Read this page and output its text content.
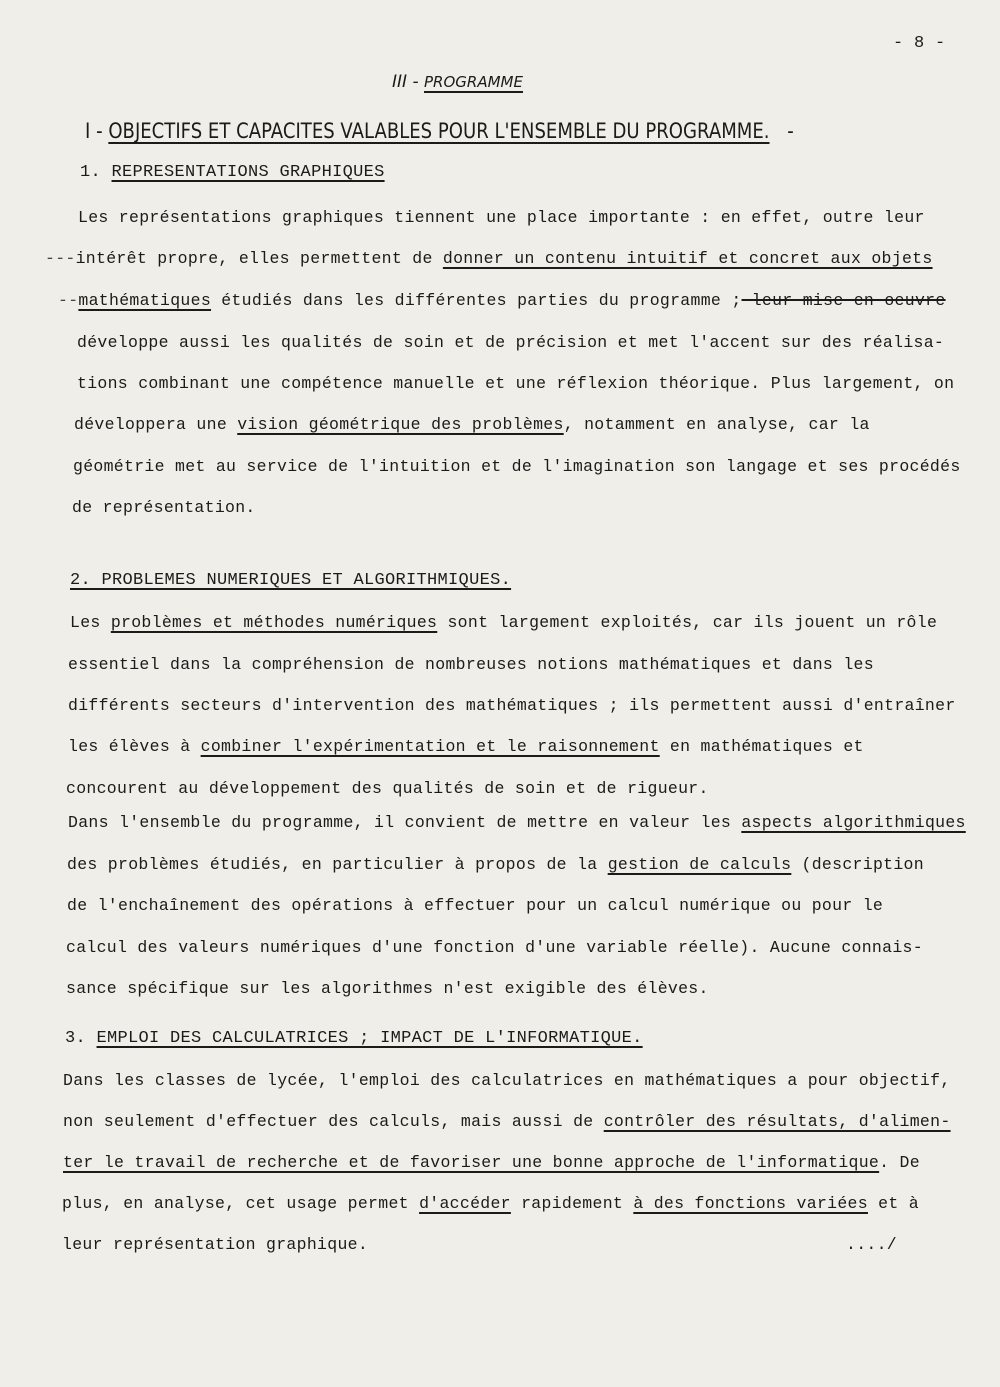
- 8 -
III - PROGRAMME
I - OBJECTIFS ET CAPACITES VALABLES POUR L'ENSEMBLE DU PROGRAMME. -
1. REPRESENTATIONS GRAPHIQUES
Les représentations graphiques tiennent une place importante : en effet, outre leur
---intérêt propre, elles permettent de donner un contenu intuitif et concret aux objets
--mathématiques étudiés dans les différentes parties du programme ; leur mise en oeuvre
développe aussi les qualités de soin et de précision et met l'accent sur des réalisa-
tions combinant une compétence manuelle et une réflexion théorique. Plus largement, on
développera une vision géométrique des problèmes, notamment en analyse, car la
géométrie met au service de l'intuition et de l'imagination son langage et ses procédés
de représentation.
2. PROBLEMES NUMERIQUES ET ALGORITHMIQUES.
Les problèmes et méthodes numériques sont largement exploités, car ils jouent un rôle
essentiel dans la compréhension de nombreuses notions mathématiques et dans les
différents secteurs d'intervention des mathématiques ; ils permettent aussi d'entraîner
les élèves à combiner l'expérimentation et le raisonnement en mathématiques et
concourent au développement des qualités de soin et de rigueur.
Dans l'ensemble du programme, il convient de mettre en valeur les aspects algorithmiques
des problèmes étudiés, en particulier à propos de la gestion de calculs (description
de l'enchaînement des opérations à effectuer pour un calcul numérique ou pour le
calcul des valeurs numériques d'une fonction d'une variable réelle). Aucune connais-
sance spécifique sur les algorithmes n'est exigible des élèves.
3. EMPLOI DES CALCULATRICES ; IMPACT DE L'INFORMATIQUE.
Dans les classes de lycée, l'emploi des calculatrices en mathématiques a pour objectif,
non seulement d'effectuer des calculs, mais aussi de contrôler des résultats, d'alimen-
ter le travail de recherche et de favoriser une bonne approche de l'informatique. De
plus, en analyse, cet usage permet d'accéder rapidement à des fonctions variées et à
leur représentation graphique.	..../
